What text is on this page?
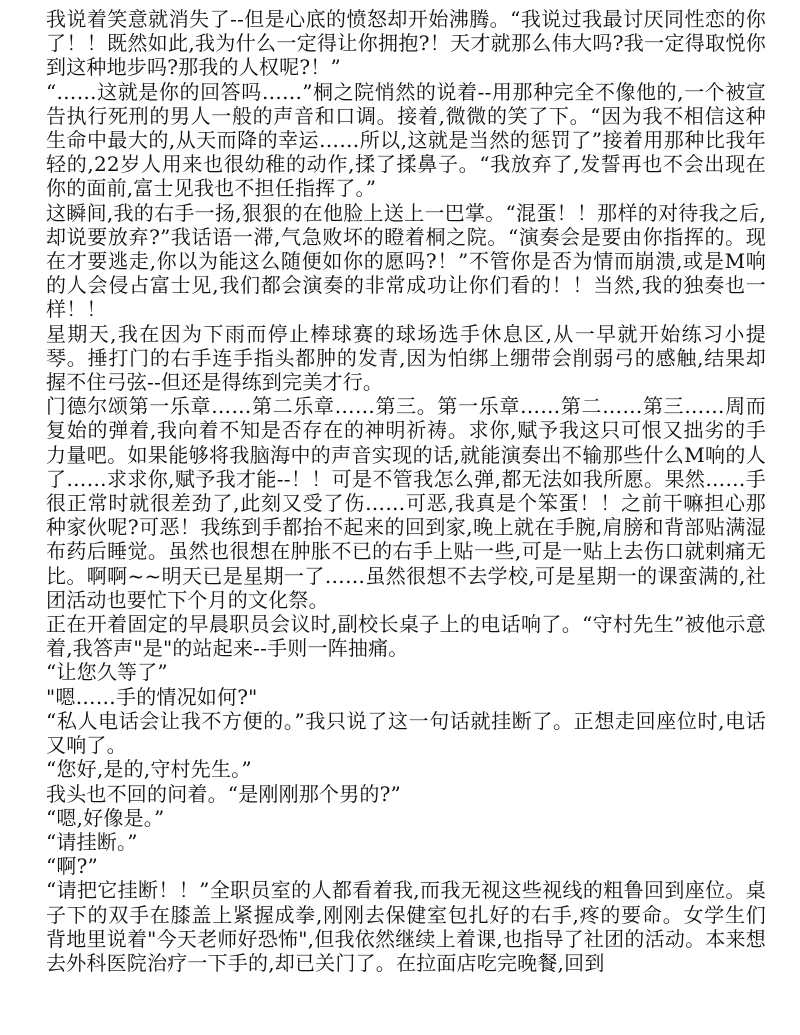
我说着笑意就消失了--但是心底的愤怒却开始沸腾。“我说过我最讨厌同性恋的你了！！既然如此,我为什么一定得让你拥抱?！天才就那么伟大吗?我一定得取悦你到这种地步吗?那我的人权呢?！”

“……这就是你的回答吗……”桐之院悄然的说着--用那种完全不像他的,一个被宣告执行死刑的男人一般的声音和口调。接着,微微的笑了下。“因为我不相信这种生命中最大的,从天而降的幸运……所以,这就是当然的惩罚了”接着用那种比我年轻的,22岁人用来也很幼稚的动作,揉了揉鼻子。“我放弃了,发誓再也不会出现在你的面前,富士见我也不担任指挥了。”

这瞬间,我的右手一扬,狠狠的在他脸上送上一巴掌。“混蛋！！那样的对待我之后,却说要放弃?”我话语一滞,气急败坏的瞪着桐之院。“演奏会是要由你指挥的。现在才要逃走,你以为能这么随便如你的愿吗?！”不管你是否为情而崩溃,或是M响的人会侵占富士见,我们都会演奏的非常成功让你们看的！！当然,我的独奏也一样！！

星期天,我在因为下雨而停止棒球赛的球场选手休息区,从一早就开始练习小提琴。捶打门的右手连手指头都肿的发青,因为怕绑上绷带会削弱弓的感触,结果却握不住弓弦--但还是得练到完美才行。

门德尔颂第一乐章……第二乐章……第三。第一乐章……第二……第三……周而复始的弹着,我向着不知是否存在的神明祈祷。求你,赋予我这只可恨又拙劣的手力量吧。如果能够将我脑海中的声音实现的话,就能演奏出不输那些什么M响的人了……求求你,赋予我才能--！！可是不管我怎么弹,都无法如我所愿。果然……手很正常时就很差劲了,此刻又受了伤……可恶,我真是个笨蛋！！之前干嘛担心那种家伙呢?可恶！我练到手都抬不起来的回到家,晚上就在手腕,肩膀和背部贴满湿布药后睡觉。虽然也很想在肿胀不已的右手上贴一些,可是一贴上去伤口就刺痛无比。啊啊~~明天已是星期一了……虽然很想不去学校,可是星期一的课蛮满的,社团活动也要忙下个月的文化祭。

正在开着固定的早晨职员会议时,副校长桌子上的电话响了。“守村先生”被他示意着,我答声"是"的站起来--手则一阵抽痛。

“让您久等了”

"嗯……手的情况如何?"

“私人电话会让我不方便的。”我只说了这一句话就挂断了。正想走回座位时,电话又响了。

“您好,是的,守村先生。”

我头也不回的问着。“是刚刚那个男的?”

“嗯,好像是。”

“请挂断。”

“啊?”

“请把它挂断！！”全职员室的人都看着我,而我无视这些视线的粗鲁回到座位。桌子下的双手在膝盖上紧握成拳,刚刚去保健室包扎好的右手,疼的要命。女学生们背地里说着"今天老师好恐怖",但我依然继续上着课,也指导了社团的活动。本来想去外科医院治疗一下手的,却已关门了。在拉面店吃完晚餐,回到
